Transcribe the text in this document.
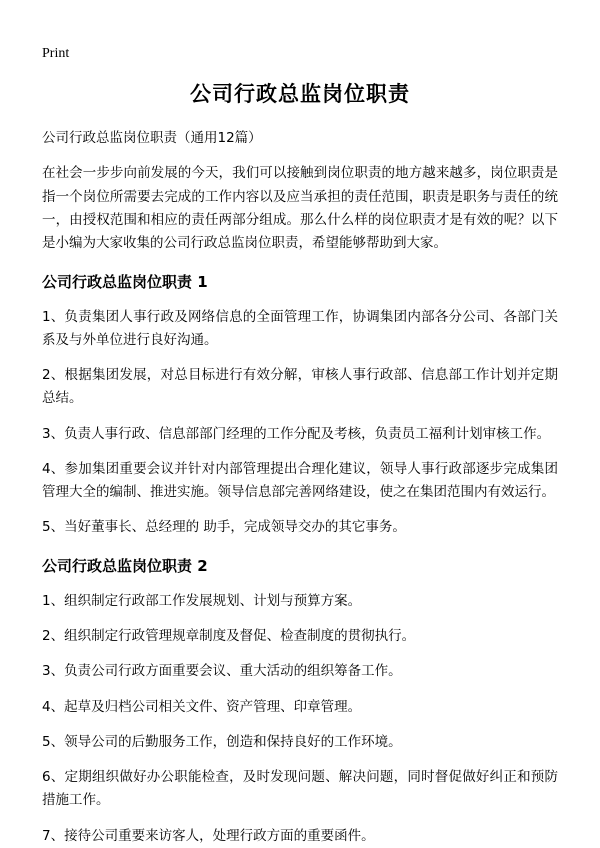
Print
公司行政总监岗位职责

公司行政总监岗位职责（通用12篇）

在社会一步步向前发展的今天，我们可以接触到岗位职责的地方越来越多，岗位职责是指一个岗位所需要去完成的工作内容以及应当承担的责任范围，职责是职务与责任的统一，由授权范围和相应的责任两部分组成。那么什么样的岗位职责才是有效的呢？以下是小编为大家收集的公司行政总监岗位职责，希望能够帮助到大家。

公司行政总监岗位职责 1

1、负责集团人事行政及网络信息的全面管理工作，协调集团内部各分公司、各部门关系及与外单位进行良好沟通。

2、根据集团发展，对总目标进行有效分解，审核人事行政部、信息部工作计划并定期总结。

3、负责人事行政、信息部部门经理的工作分配及考核，负责员工福利计划审核工作。

4、参加集团重要会议并针对内部管理提出合理化建议，领导人事行政部逐步完成集团管理大全的编制、推进实施。领导信息部完善网络建设，使之在集团范围内有效运行。

5、当好董事长、总经理的 助手，完成领导交办的其它事务。

公司行政总监岗位职责 2

1、组织制定行政部工作发展规划、计划与预算方案。

2、组织制定行政管理规章制度及督促、检查制度的贯彻执行。

3、负责公司行政方面重要会议、重大活动的组织筹备工作。

4、起草及归档公司相关文件、资产管理、印章管理。

5、领导公司的后勤服务工作，创造和保持良好的工作环境。

6、定期组织做好办公职能检查，及时发现问题、解决问题，同时督促做好纠正和预防措施工作。

7、接待公司重要来访客人，处理行政方面的重要函件。
